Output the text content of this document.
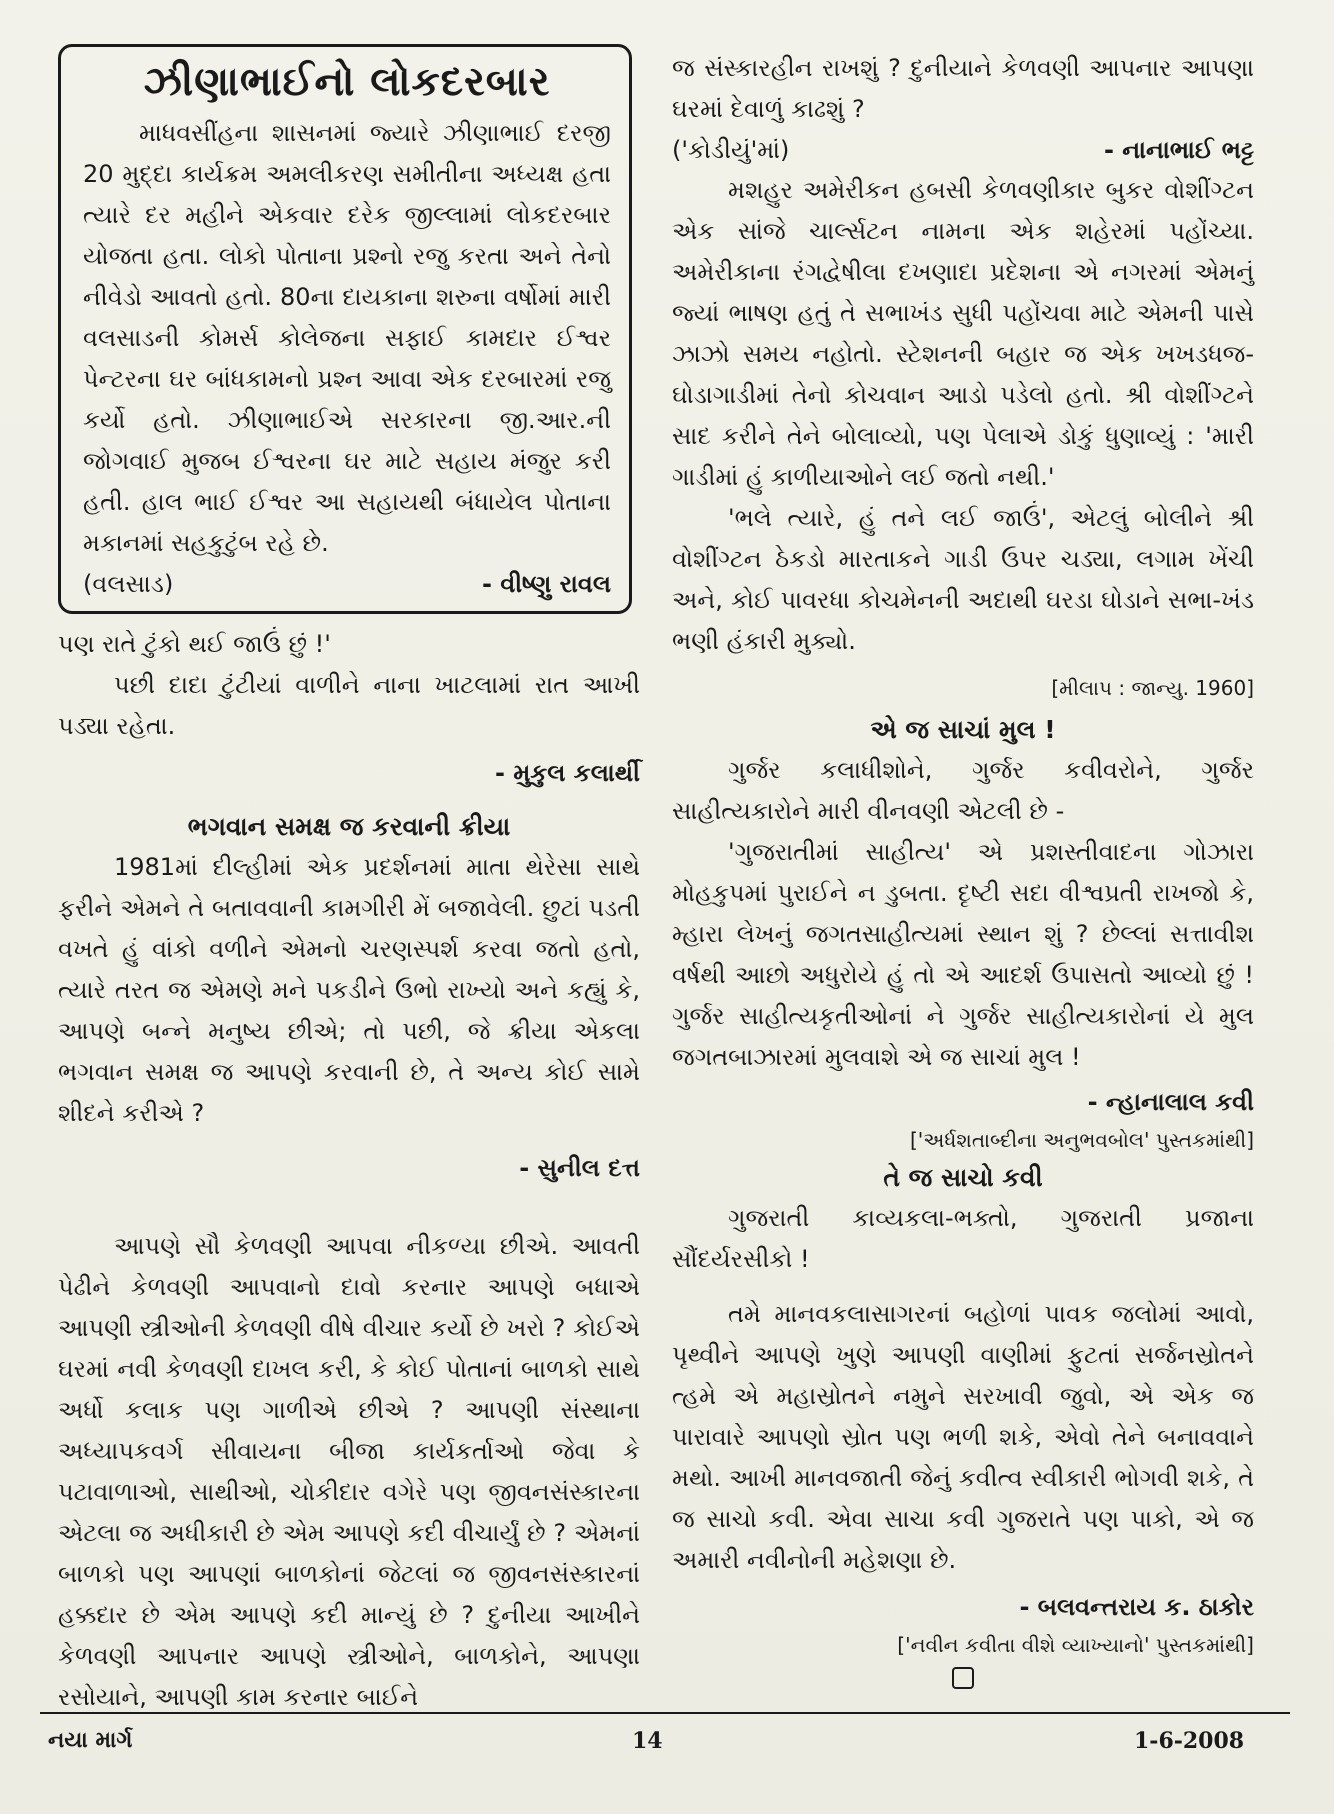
ઝીણાભાઈનો લોકદરબાર

માધવસીંહના શાસનમાં જ્યારે ઝીણાભાઈ દરજી 20 મુદ્દા કાર્યક્રમ અમલીકરણ સમીતીના અધ્યક્ષ હતા ત્યારે દર મહીને એકવાર દરેક જીલ્લામાં લોકદરબાર યોજતા હતા. લોકો પોતાના પ્રશ્નો રજુ કરતા અને તેનો નીવેડો આવતો હતો. 80ના દાયકાના શરુના વર્ષોમાં મારી વલસાડની કોમર્સ કોલેજના સફાઈ કામદાર ઈશ્વર પેન્ટરના ઘર બાંધકામનો પ્રશ્ન આવા એક દરબારમાં રજુ કર્યો હતો. ઝીણાભાઈએ સરકારના જી.આર.ની જોગવાઈ મુજબ ઈશ્વરના ઘર માટે સહાય મંજુર કરી હતી. હાલ ભાઈ ઈશ્વર આ સહાયથી બંધાયેલ પોતાના મકાનમાં સહકુટુંબ રહે છે.

(વલસાડ)	- વીષ્ણુ રાવલ

પણ રાતે ટુંકો થઈ જાઉં છું !'

પછી દાદા ટુંટીયાં વાળીને નાના ખાટલામાં રાત આખી પડ્યા રહેતા.

- મુકુલ કલાર્થી
ભગવાન સમક્ષ જ કરવાની ક્રીયા

1981માં દીલ્હીમાં એક પ્રદર્શનમાં માતા થેરેસા સાથે ફરીને એમને તે બતાવવાની કામગીરી મેં બજાવેલી. છુટાં પડતી વખતે હું વાંકો વળીને એમનો ચરણસ્પર્શ કરવા જતો હતો, ત્યારે તરત જ એમણે મને પકડીને ઉભો રાખ્યો અને કહ્યું કે, આપણે બન્ને મનુષ્ય છીએ; તો પછી, જે ક્રીયા એકલા ભગવાન સમક્ષ જ આપણે કરવાની છે, તે અન્ય કોઈ સામે શીદને કરીએ ?

- સુનીલ દત્ત

આપણે સૌ કેળવણી આપવા નીકળ્યા છીએ. આવતી પેઢીને કેળવણી આપવાનો દાવો કરનાર આપણે બધાએ આપણી સ્ત્રીઓની કેળવણી વીષે વીચાર કર્યો છે ખરો ? કોઈએ ઘરમાં નવી કેળવણી દાખલ કરી, કે કોઈ પોતાનાં બાળકો સાથે અર્ધો કલાક પણ ગાળીએ છીએ ? આપણી સંસ્થાના અધ્યાપકવર્ગ સીવાયના બીજા કાર્યકર્તાઓ જેવા કે પટાવાળાઓ, સાથીઓ, ચોકીદાર વગેરે પણ જીવનસંસ્કારના એટલા જ અધીકારી છે એમ આપણે કદી વીચાર્યું છે ? એમનાં બાળકો પણ આપણાં બાળકોનાં જેટલાં જ જીવનસંસ્કારનાં હક્કદાર છે એમ આપણે કદી માન્યું છે ? દુનીયા આખીને કેળવણી આપનાર આપણે સ્ત્રીઓને, બાળકોને, આપણા રસોયાને, આપણી કામ કરનાર બાઈને

જ સંસ્કારહીન રાખશું ? દુનીયાને કેળવણી આપનાર આપણા ઘરમાં દેવાળું કાઢશું ?

('કોડીયું'માં)	- નાનાભાઈ ભટ્ટ

મશહુર અમેરીકન હબસી કેળવણીકાર બુકર વોશીંગ્ટન એક સાંજે ચાર્લ્સટન નામના એક શહેરમાં પહોંચ્યા. અમેરીકાના રંગદ્વેષીલા દખણાદા પ્રદેશના એ નગરમાં એમનું જ્યાં ભાષણ હતું તે સભાખંડ સુધી પહોંચવા માટે એમની પાસે ઝાઝો સમય નહોતો. સ્ટેશનની બહાર જ એક ખખડધજ-ઘોડાગાડીમાં તેનો કોચવાન આડો પડેલો હતો. શ્રી વોશીંગ્ટને સાદ કરીને તેને બોલાવ્યો, પણ પેલાએ ડોકું ધુણાવ્યું : 'મારી ગાડીમાં હું કાળીયાઓને લઈ જતો નથી.'

'ભલે ત્યારે, હું તને લઈ જાઉં', એટલું બોલીને શ્રી વોશીંગ્ટન ઠેકડો મારતાકને ગાડી ઉપર ચડ્યા, લગામ ખેંચી અને, કોઈ પાવરધા કોચમેનની અદાથી ઘરડા ઘોડાને સભા-ખંડ ભણી હંકારી મુક્યો.

[મીલાપ : જાન્યુ. 1960]
એ જ સાચાં મુલ !

ગુર્જર કલાધીશોને, ગુર્જર કવીવરોને, ગુર્જર સાહીત્યકારોને મારી વીનવણી એટલી છે -

'ગુજરાતીમાં સાહીત્ય' એ પ્રશસ્તીવાદના ગોઝારા મોહકુપમાં પુરાઈને ન ડુબતા. દૃષ્ટી સદા વીશ્વપ્રતી રાખજો કે, મ્હારા લેખનું જગતસાહીત્યમાં સ્થાન શું ? છેલ્લાં સત્તાવીશ વર્ષથી આછો અધુરોયે હું તો એ આદર્શ ઉપાસતો આવ્યો છું ! ગુર્જર સાહીત્યકૃતીઓનાં ને ગુર્જર સાહીત્યકારોનાં યે મુલ જગતબાઝારમાં મુલવાશે એ જ સાચાં મુલ !

- ન્હાનાલાલ કવી
['અર્ધશતાબ્દીના અનુભવબોલ' પુસ્તકમાંથી]
તે જ સાચો કવી

ગુજરાતી કાવ્યકલા-ભક્તો, ગુજરાતી પ્રજાના સૌંદર્યરસીકો !

તમે માનવકલાસાગરનાં બહોળાં પાવક જલોમાં આવો, પૃથ્વીને આપણે ખુણે આપણી વાણીમાં ફુટતાં સર્જનસ્રોતને ત્હમે એ મહાસ્રોતને નમુને સરખાવી જુવો, એ એક જ પારાવારે આપણો સ્રોત પણ ભળી શકે, એવો તેને બનાવવાને મથો. આખી માનવજાતી જેનું કવીત્વ સ્વીકારી ભોગવી શકે, તે જ સાચો કવી. એવા સાચા કવી ગુજરાતે પણ પાકો, એ જ અમારી નવીનોની મહેશણા છે.

- બલવન્તરાય ક. ઠાકોર
['નવીન કવીતા વીશે વ્યાખ્યાનો' પુસ્તકમાંથી]
નયા માર્ગ	14	1-6-2008
